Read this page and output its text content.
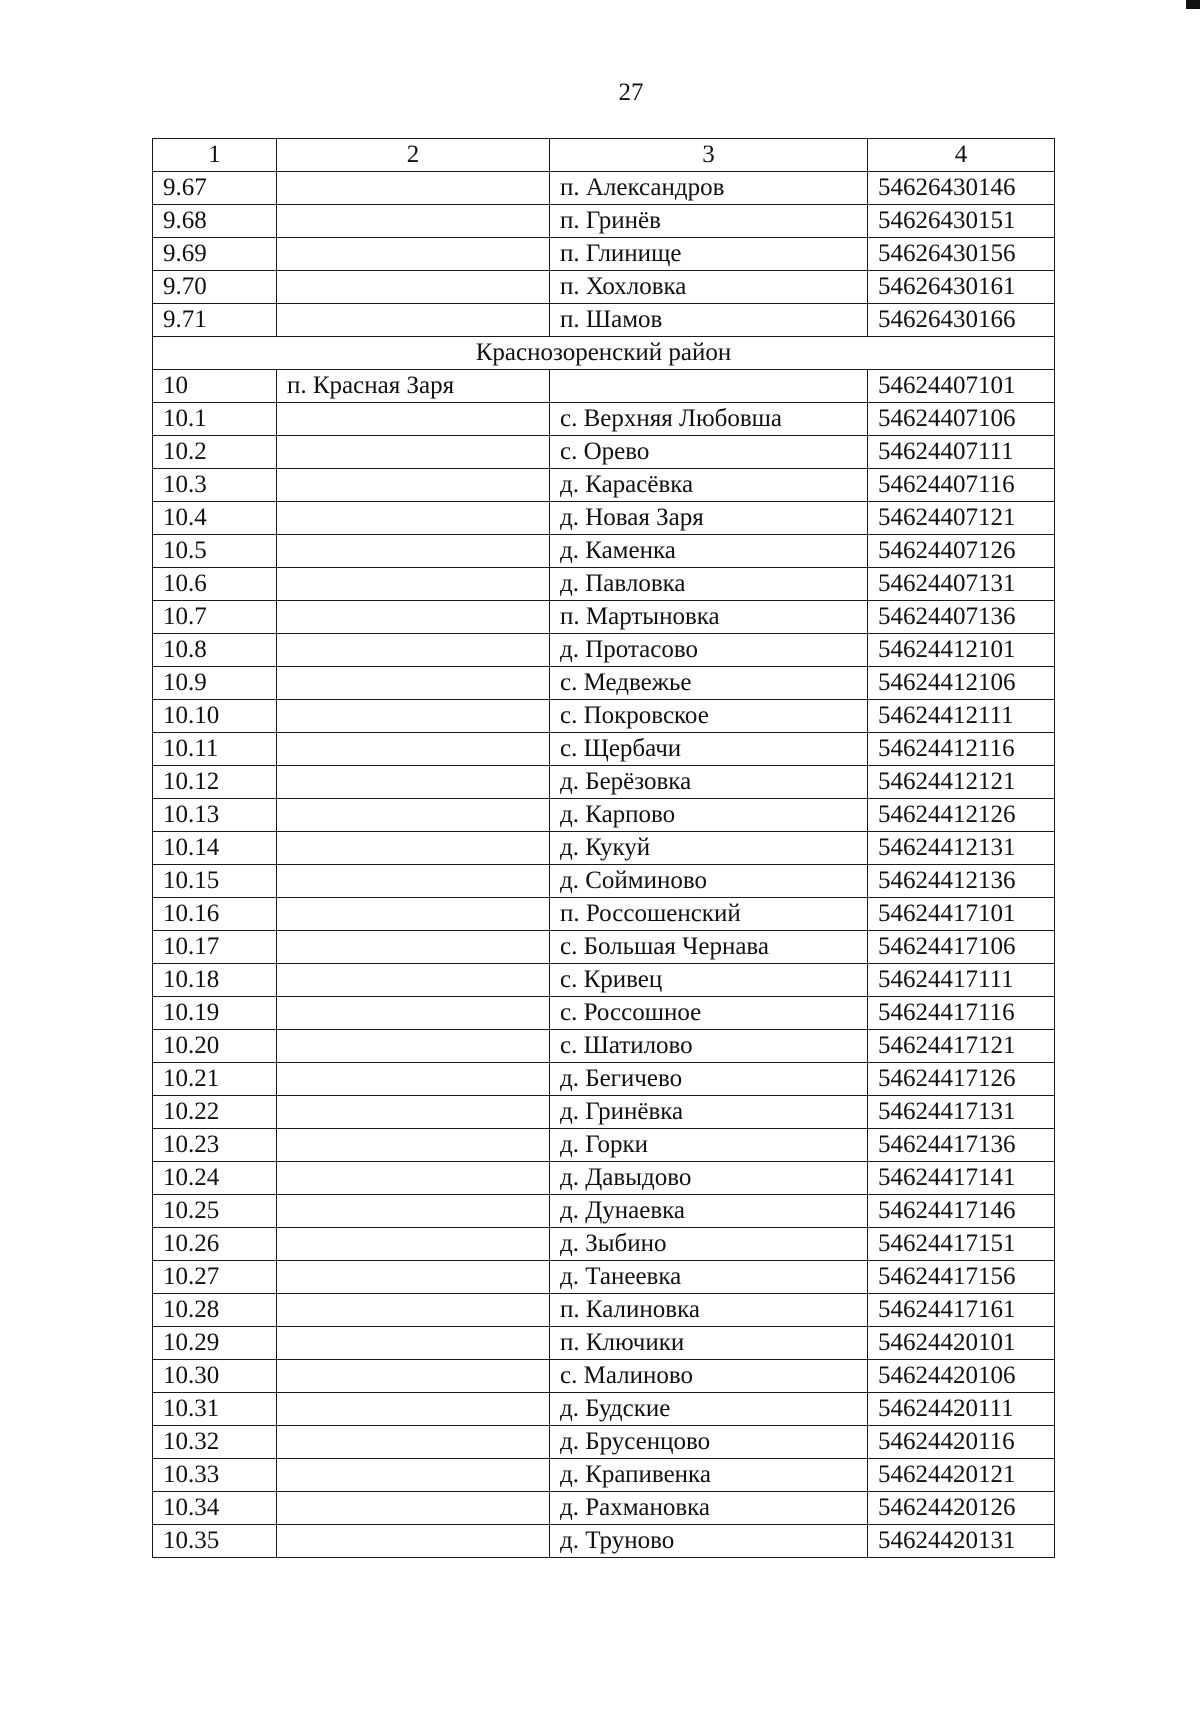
27
1	2	3	4
9.67		п. Александров	54626430146
9.68		п. Гринёв	54626430151
9.69		п. Глинище	54626430156
9.70		п. Хохловка	54626430161
9.71		п. Шамов	54626430166
Краснозоренский район			
10	п. Красная Заря		54624407101
10.1		с. Верхняя Любовша	54624407106
10.2		с. Орево	54624407111
10.3		д. Карасёвка	54624407116
10.4		д. Новая Заря	54624407121
10.5		д. Каменка	54624407126
10.6		д. Павловка	54624407131
10.7		п. Мартыновка	54624407136
10.8		д. Протасово	54624412101
10.9		с. Медвежье	54624412106
10.10		с. Покровское	54624412111
10.11		с. Щербачи	54624412116
10.12		д. Берёзовка	54624412121
10.13		д. Карпово	54624412126
10.14		д. Кукуй	54624412131
10.15		д. Сойминово	54624412136
10.16		п. Россошенский	54624417101
10.17		с. Большая Чернава	54624417106
10.18		с. Кривец	54624417111
10.19		с. Россошное	54624417116
10.20		с. Шатилово	54624417121
10.21		д. Бегичево	54624417126
10.22		д. Гринёвка	54624417131
10.23		д. Горки	54624417136
10.24		д. Давыдово	54624417141
10.25		д. Дунаевка	54624417146
10.26		д. Зыбино	54624417151
10.27		д. Танеевка	54624417156
10.28		п. Калиновка	54624417161
10.29		п. Ключики	54624420101
10.30		с. Малиново	54624420106
10.31		д. Будские	54624420111
10.32		д. Брусенцово	54624420116
10.33		д. Крапивенка	54624420121
10.34		д. Рахмановка	54624420126
10.35		д. Труново	54624420131
